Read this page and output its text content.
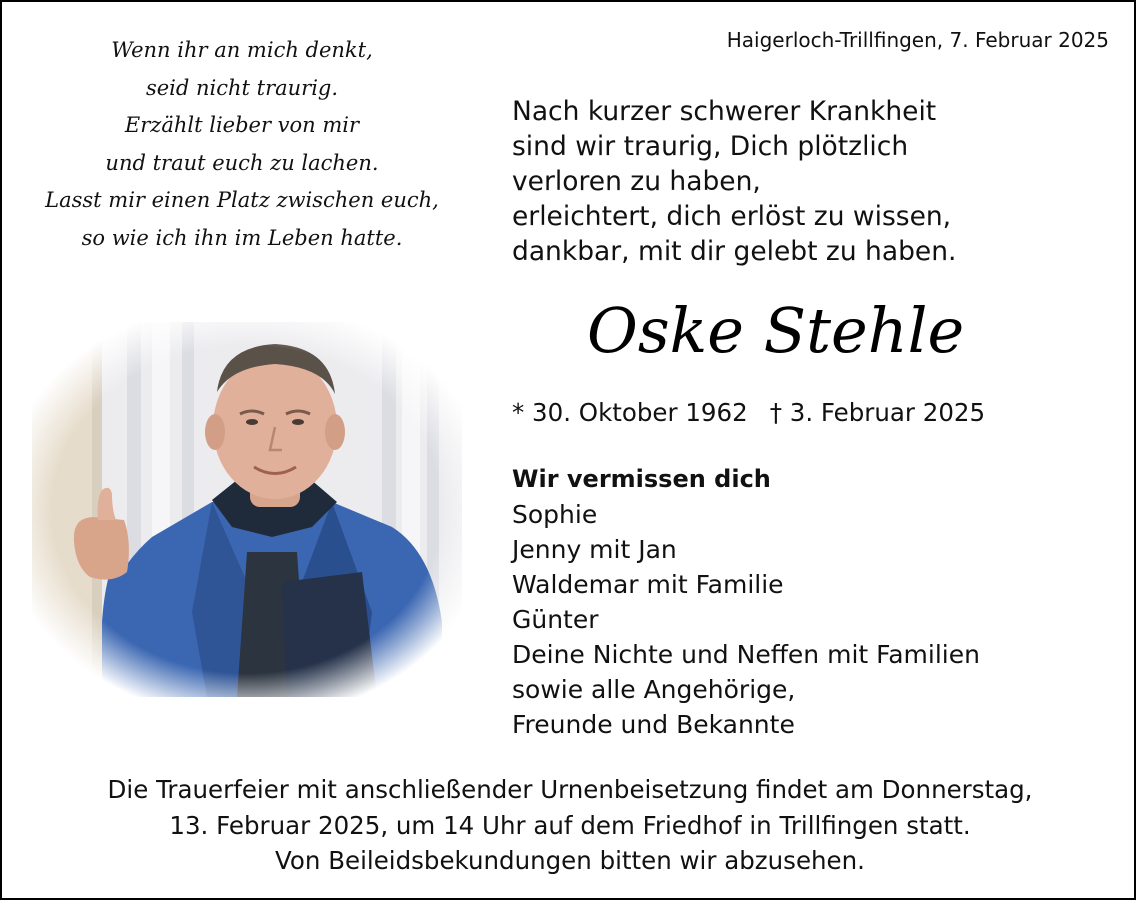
Wenn ihr an mich denkt,
seid nicht traurig.
Erzählt lieber von mir
und traut euch zu lachen.
Lasst mir einen Platz zwischen euch,
so wie ich ihn im Leben hatte.
Haigerloch-Trillfingen, 7. Februar 2025
Nach kurzer schwerer Krankheit
sind wir traurig, Dich plötzlich
verloren zu haben,
erleichtert, dich erlöst zu wissen,
dankbar, mit dir gelebt zu haben.
Oske Stehle
* 30. Oktober 1962 † 3. Februar 2025
Wir vermissen dich
Sophie
Jenny mit Jan
Waldemar mit Familie
Günter
Deine Nichte und Neffen mit Familien
sowie alle Angehörige,
Freunde und Bekannte
Die Trauerfeier mit anschließender Urnenbeisetzung findet am Donnerstag,
13. Februar 2025, um 14 Uhr auf dem Friedhof in Trillfingen statt.
Von Beileidsbekundungen bitten wir abzusehen.
